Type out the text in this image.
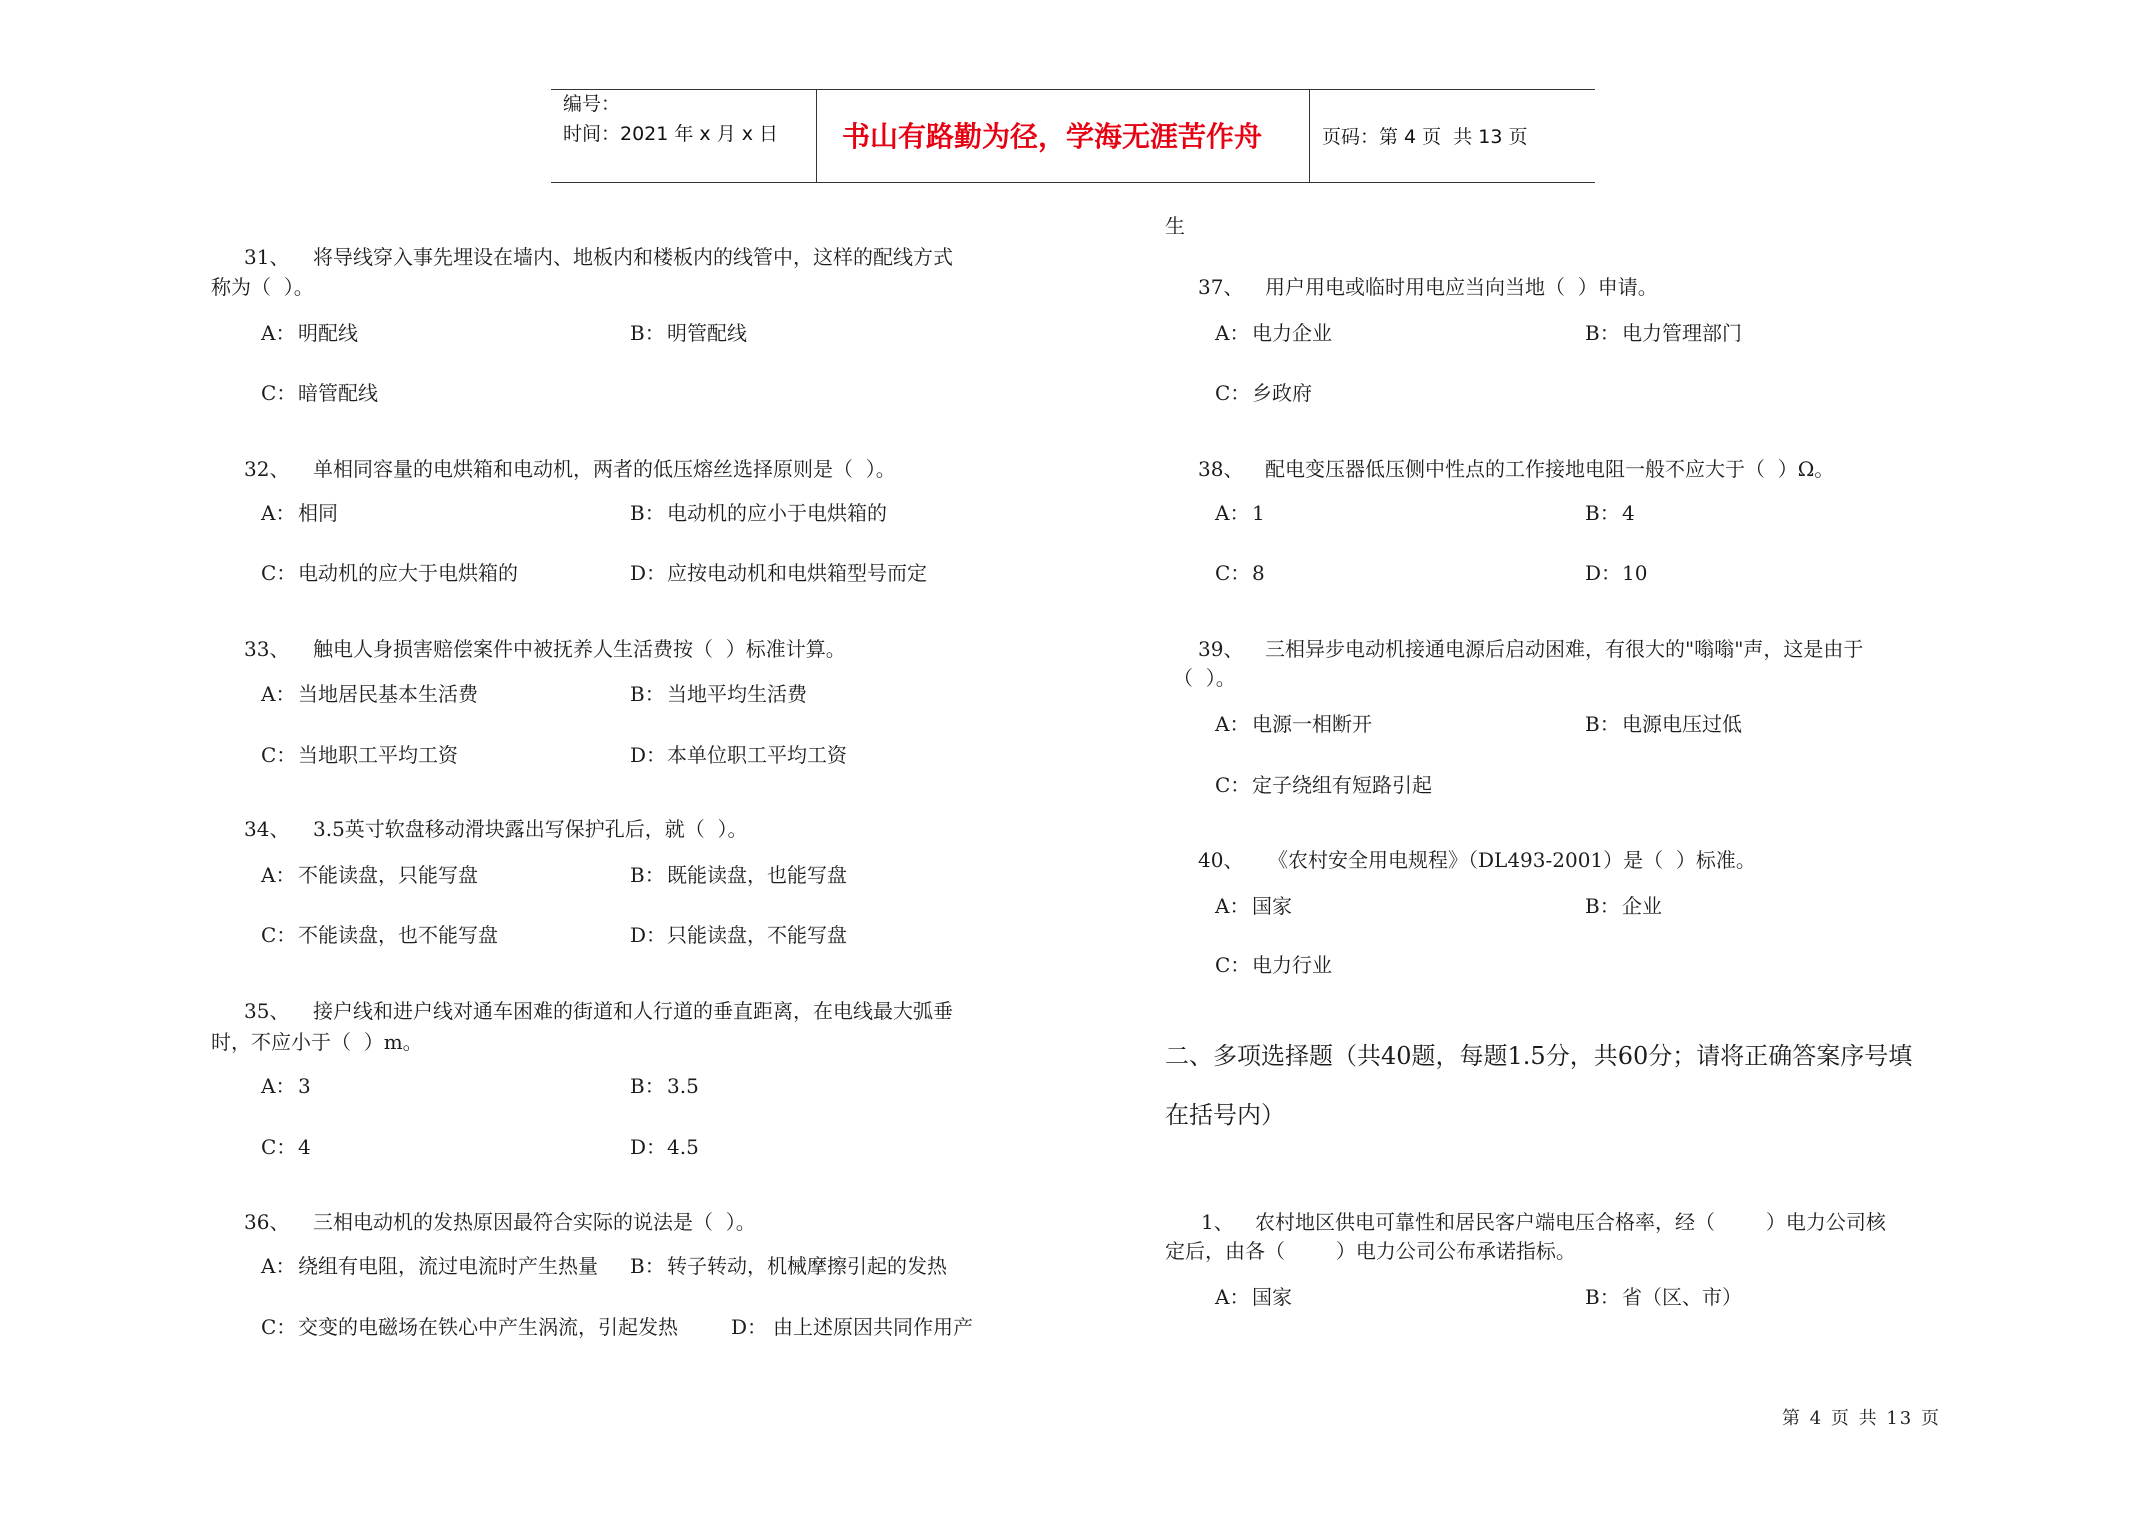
编号：
时间：2021 年 x 月 x 日 书山有路勤为径，学海无涯苦作舟	页码：第 4 页  共 13 页
31、 将导线穿入事先埋设在墙内、地板内和楼板内的线管中，这样的配线方式
称为（  ）。
A： 明配线	B： 明管配线
C：暗管配线
32、 单相同容量的电烘箱和电动机，两者的低压熔丝选择原则是（  ）。
A： 相同	B： 电动机的应小于电烘箱的
C：电动机的应大于电烘箱的	D：应按电动机和电烘箱型号而定
33、 触电人身损害赔偿案件中被抚养人生活费按（  ）标准计算。
A： 当地居民基本生活费	B： 当地平均生活费
C：当地职工平均工资	D：本单位职工平均工资
34、 3.5英寸软盘移动滑块露出写保护孔后，就（  ）。
A： 不能读盘，只能写盘	B： 既能读盘，也能写盘
C：不能读盘，也不能写盘	D：只能读盘，不能写盘
35、 接户线和进户线对通车困难的街道和人行道的垂直距离，在电线最大弧垂
时，不应小于（  ）m。
A： 3	B： 3.5
C：4	D：4.5
36、 三相电动机的发热原因最符合实际的说法是（  ）。
A： 绕组有电阻，流过电流时产生热量 B： 转子转动，机械摩擦引起的发热
C：交变的电磁场在铁心中产生涡流，引起发热	D： 由上述原因共同作用产
生
37、 用户用电或临时用电应当向当地（  ）申请。
A： 电力企业	B： 电力管理部门
C：乡政府
38、 配电变压器低压侧中性点的工作接地电阻一般不应大于（  ）Ω。
A： 1	B： 4
C：8	D：10
39、 三相异步电动机接通电源后启动困难，有很大的"嗡嗡"声，这是由于
（  ）。
A： 电源一相断开	B： 电源电压过低
C：定子绕组有短路引起
40、 《农村安全用电规程》（DL493-2001）是（  ）标准。
A： 国家	B： 企业
C：电力行业
二、多项选择题（共40题，每题1.5分，共60分；请将正确答案序号填
在括号内）
1、 农村地区供电可靠性和居民客户端电压合格率，经（        ）电力公司核
定后，由各（        ）电力公司公布承诺指标。
A： 国家	B： 省（区、市）
第 4 页 共 13 页
